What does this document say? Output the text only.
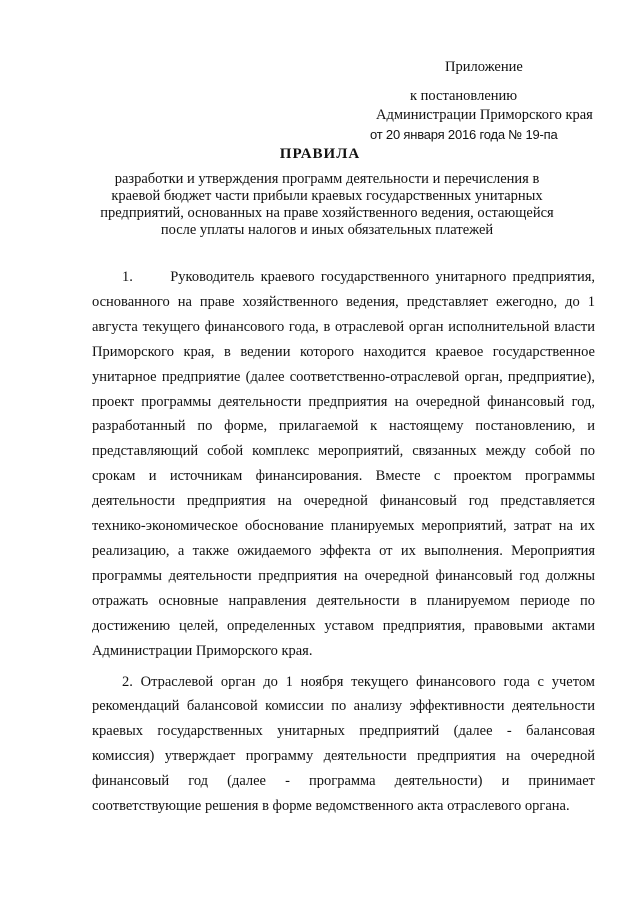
Приложение
к постановлению
Администрации Приморского края
от 20 января 2016 года № 19-па
ПРАВИЛА
разработки и утверждения программ деятельности и перечисления в краевой бюджет части прибыли краевых государственных унитарных предприятий, основанных на праве хозяйственного ведения, остающейся после уплаты налогов и иных обязательных платежей

1.      Руководитель краевого государственного унитарного предприятия, основанного на праве хозяйственного ведения, представляет ежегодно, до 1 августа текущего финансового года, в отраслевой орган исполнительной власти Приморского края, в ведении которого находится краевое государственное унитарное предприятие (далее соответственно-отраслевой орган, предприятие), проект программы деятельности предприятия на очередной финансовый год, разработанный по форме, прилагаемой к настоящему постановлению, и представляющий собой комплекс мероприятий, связанных между собой по срокам и источникам финансирования. Вместе с проектом программы деятельности предприятия на очередной финансовый год представляется технико-экономическое обоснование планируемых мероприятий, затрат на их реализацию, а также ожидаемого эффекта от их выполнения. Мероприятия программы деятельности предприятия на очередной финансовый год должны отражать основные направления деятельности в планируемом периоде по достижению целей, определенных уставом предприятия, правовыми актами Администрации Приморского края.

2. Отраслевой орган до 1 ноября текущего финансового года с учетом рекомендаций балансовой комиссии по анализу эффективности деятельности краевых государственных унитарных предприятий (далее - балансовая комиссия) утверждает программу деятельности предприятия на очередной финансовый год (далее - программа деятельности) и принимает соответствующие решения в форме ведомственного акта отраслевого органа.
